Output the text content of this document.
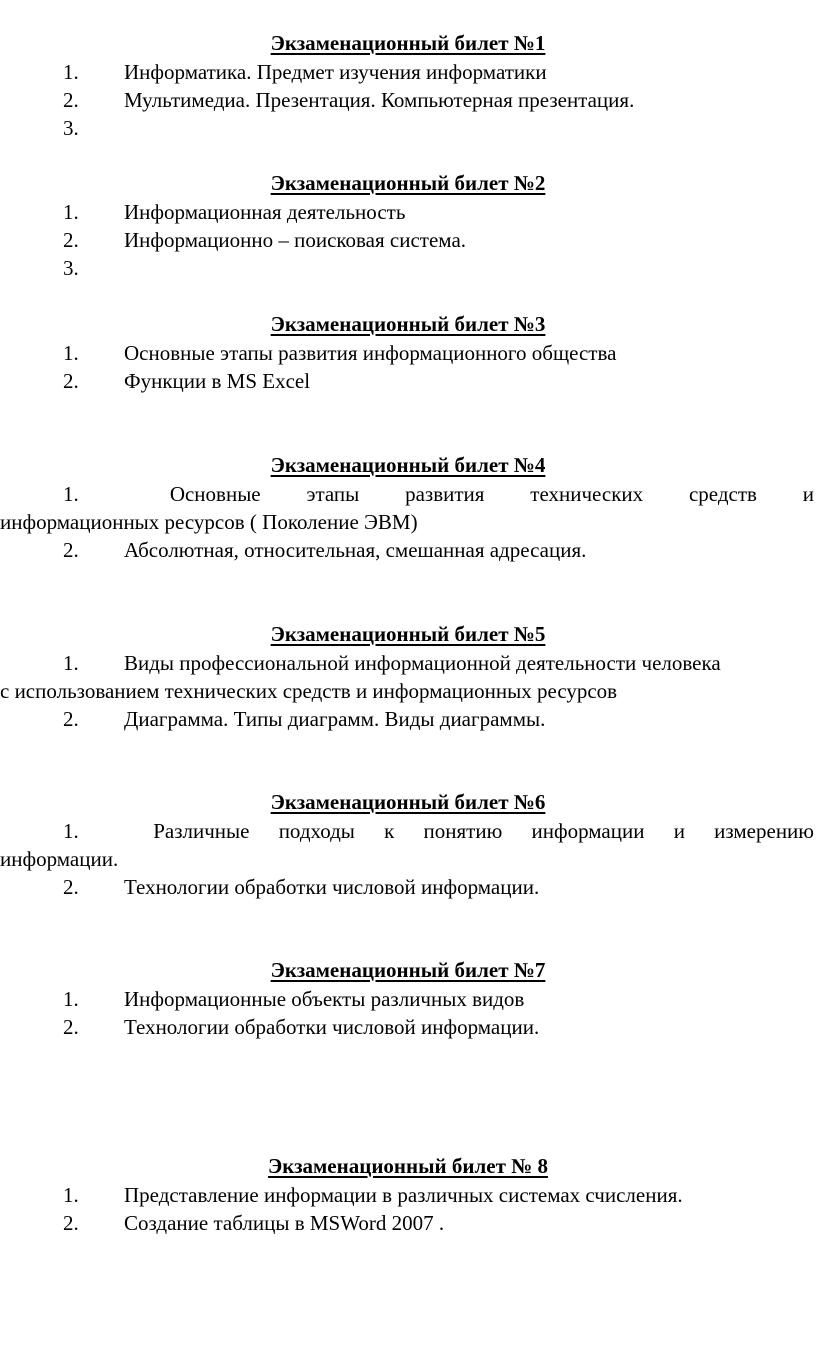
Экзаменационный билет №1
1.	Информатика. Предмет изучения информатики
2.	Мультимедиа. Презентация. Компьютерная презентация.
3.

Экзаменационный билет №2
1.	Информационная деятельность
2.	Информационно – поисковая система.
3.

Экзаменационный билет №3
1.	Основные этапы развития информационного общества
2.	Функции в MS Excel
Экзаменационный билет №4
1.	Основные этапы развития технических средств и
информационных ресурсов ( Поколение ЭВМ)
2.	Абсолютная, относительная, смешанная адресация.
Экзаменационный билет №5
1.	Виды профессиональной информационной деятельности человека
с использованием технических средств и информационных ресурсов
2.	Диаграмма. Типы диаграмм. Виды диаграммы.
Экзаменационный билет №6
1.	Различные подходы к понятию информации и измерению
информации.
2.	Технологии обработки числовой информации.
Экзаменационный билет №7
1.	Информационные объекты различных видов
2.	Технологии обработки числовой информации.
Экзаменационный билет № 8
1.	Представление информации в различных системах счисления.
2.	Создание таблицы в MSWord 2007 .
